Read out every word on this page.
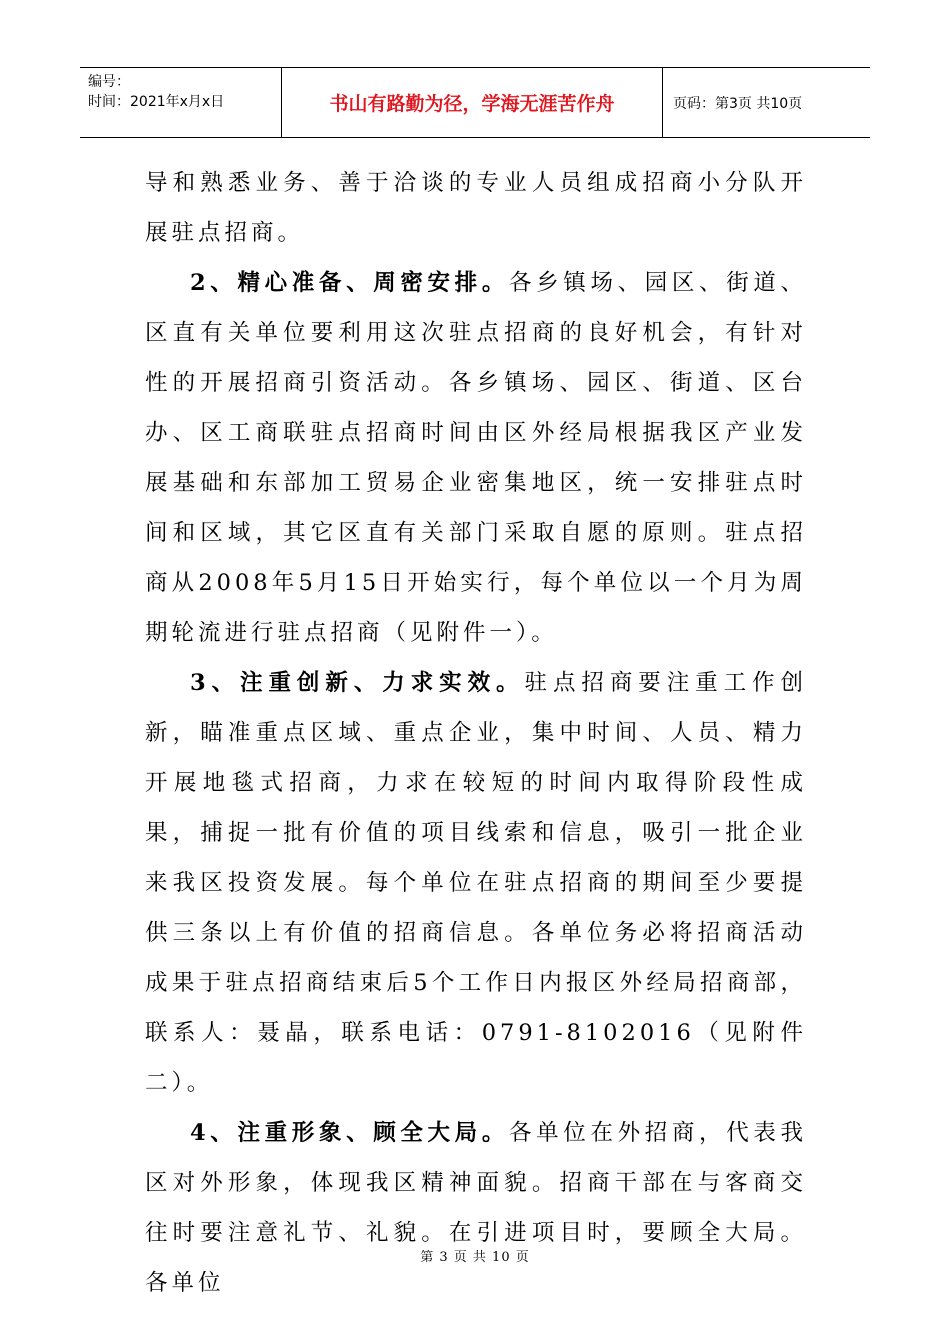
编号：
时间：2021年x月x日	书山有路勤为径，学海无涯苦作舟	页码：第3页 共10页

导和熟悉业务、善于洽谈的专业人员组成招商小分队开展驻点招商。

2、精心准备、周密安排。各乡镇场、园区、街道、区直有关单位要利用这次驻点招商的良好机会，有针对性的开展招商引资活动。各乡镇场、园区、街道、区台办、区工商联驻点招商时间由区外经局根据我区产业发展基础和东部加工贸易企业密集地区，统一安排驻点时间和区域，其它区直有关部门采取自愿的原则。驻点招商从2008年5月15日开始实行，每个单位以一个月为周期轮流进行驻点招商（见附件一）。

3、注重创新、力求实效。驻点招商要注重工作创新，瞄准重点区域、重点企业，集中时间、人员、精力开展地毯式招商，力求在较短的时间内取得阶段性成果，捕捉一批有价值的项目线索和信息，吸引一批企业来我区投资发展。每个单位在驻点招商的期间至少要提供三条以上有价值的招商信息。各单位务必将招商活动成果于驻点招商结束后5个工作日内报区外经局招商部，联系人：聂晶，联系电话：0791-8102016（见附件二）。

4、注重形象、顾全大局。各单位在外招商，代表我区对外形象，体现我区精神面貌。招商干部在与客商交往时要注意礼节、礼貌。在引进项目时，要顾全大局。各单位

第 3 页 共 10 页
